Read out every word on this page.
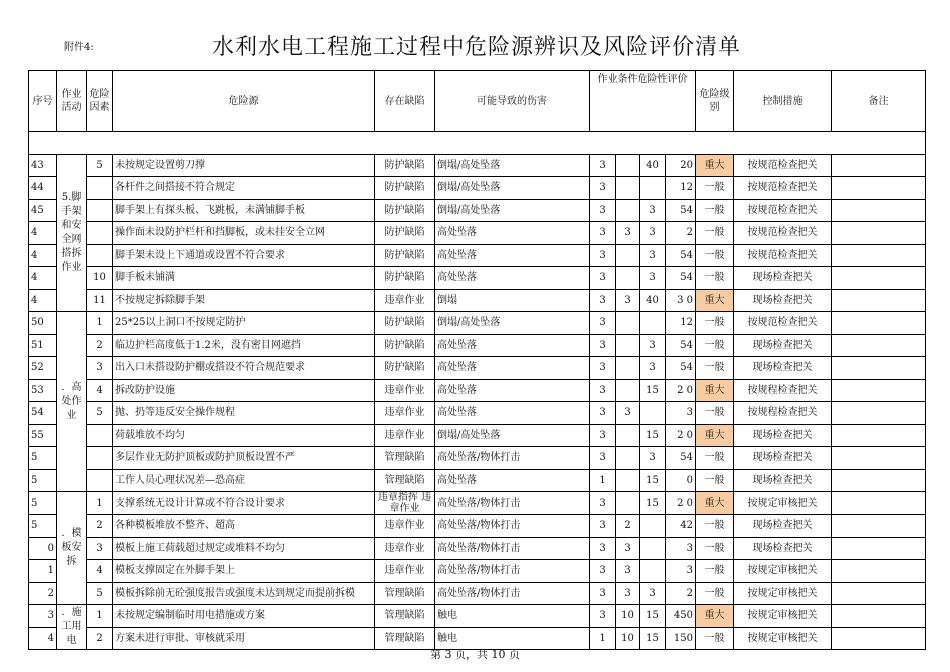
附件4:	水利水电工程施工过程中危险源辨识及风险评价清单
序号	作业活动	危险因素	危险源	存在缺陷	可能导致的伤害	作业条件危险性评价				危险级别	控制措施	备注

43	5.脚手架和安全网搭拆作业	5	未按规定设置剪刀撑	防护缺陷	倒塌/高处坠落	3		40	20	重大	按规范检查把关	
44			各杆件之间搭接不符合规定	防护缺陷	倒塌/高处坠落	3			12	一般	按规范检查把关	
45			脚手架上有探头板、飞跳板，未满铺脚手板	防护缺陷	倒塌/高处坠落	3		3	54	一般	按规范检查把关	
4			操作面未设防护栏杆和挡脚板，或未挂安全立网	防护缺陷	高处坠落	3	3	3	2	一般	按规范检查把关	
4			脚手架未设上下通道或设置不符合要求	防护缺陷	高处坠落	3		3	54	一般	按规范检查把关	
4		10	脚手板未铺满	防护缺陷	高处坠落	3		3	54	一般	现场检查把关	
4		11	不按规定拆除脚手架	违章作业	倒塌	3	3	40	3 0	重大	现场检查把关	
50	．高处作业	1	25*25以上洞口不按规定防护	防护缺陷	倒塌/高处坠落	3			12	一般	按规范检查把关	
51		2	临边护栏高度低于1.2米，没有密目网遮挡	防护缺陷	高处坠落	3		3	54	一般	现场检查把关	
52		3	出入口未搭设防护棚或搭设不符合规范要求	防护缺陷	高处坠落	3		3	54	一般	现场检查把关	
53		4	拆改防护设施	违章作业	高处坠落	3		15	2 0	重大	按规程检查把关	
54		5	抛、扔等违反安全操作规程	违章作业	高处坠落	3	3		3	一般	按规程检查把关	
55			荷载堆放不均匀	违章作业	倒塌/高处坠落	3		15	2 0	重大	现场检查把关	
5			多层作业无防护顶板或防护顶板设置不严	管理缺陷	高处坠落/物体打击	3		3	54	一般	现场检查把关	
5			工作人员心理状况差—恐高症	管理缺陷	高处坠落	1		15	0	一般	现场检查把关	
5	．模板安拆	1	支撑系统无设计计算或不符合设计要求	违章指挥 违章作业	高处坠落/物体打击	3		15	2 0	重大	按规定审核把关	
5		2	各种模板堆放不整齐、超高	违章作业	高处坠落/物体打击	3	2		42	一般	现场检查把关	
0		3	模板上施工荷载超过规定或堆料不均匀	违章作业	高处坠落/物体打击	3	3		3	一般	现场检查把关	
1		4	模板支撑固定在外脚手架上	违章作业	高处坠落/物体打击	3	3		3	一般	按规定审核把关	
2		5	模板拆除前无砼强度报告或强度未达到规定而提前拆模	管理缺陷	高处坠落/物体打击	3	3	3	2	一般	按规定审核把关	
3	．施工用电	1	未按规定编制临时用电措施或方案	管理缺陷	触电	3	10	15	450	重大	按规定审核把关	
4		2	方案未进行审批、审核就采用	管理缺陷	触电	1	10	15	150	一般	按规定审核把关	
第 3 页，共 10 页
